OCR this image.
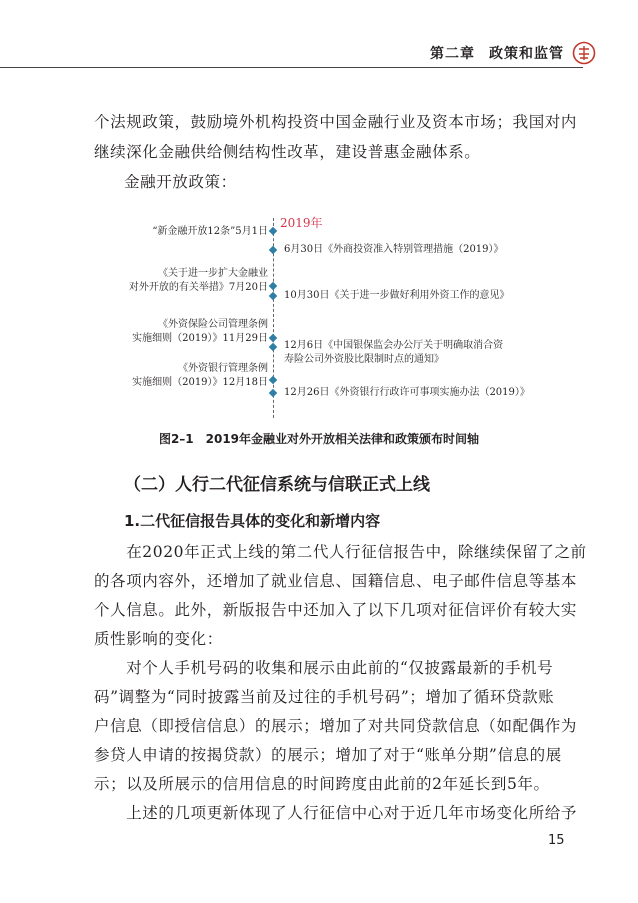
第二章 政策和监管
个法规政策，鼓励境外机构投资中国金融行业及资本市场；我国对内
继续深化金融供给侧结构性改革，建设普惠金融体系。
金融开放政策：
2019年
“新金融开放12条”5月1日
《关于进一步扩大金融业
对外开放的有关举措》7月20日
《外资保险公司管理条例
实施细则（2019）》11月29日
《外资银行管理条例
实施细则（2019）》12月18日
6月30日《外商投资准入特别管理措施（2019）》
10月30日《关于进一步做好利用外资工作的意见》
12月6日《中国银保监会办公厅关于明确取消合资
寿险公司外资股比限制时点的通知》
12月26日《外资银行行政许可事项实施办法（2019）》
图2–1　2019年金融业对外开放相关法律和政策颁布时间轴
（二）人行二代征信系统与信联正式上线
1.二代征信报告具体的变化和新增内容
　　在2020年正式上线的第二代人行征信报告中，除继续保留了之前
的各项内容外，还增加了就业信息、国籍信息、电子邮件信息等基本
个人信息。此外，新版报告中还加入了以下几项对征信评价有较大实
质性影响的变化：
　　对个人手机号码的收集和展示由此前的“仅披露最新的手机号
码”调整为“同时披露当前及过往的手机号码”；增加了循环贷款账
户信息（即授信信息）的展示；增加了对共同贷款信息（如配偶作为
参贷人申请的按揭贷款）的展示；增加了对于“账单分期”信息的展
示；以及所展示的信用信息的时间跨度由此前的2年延长到5年。
　　上述的几项更新体现了人行征信中心对于近几年市场变化所给予
15
